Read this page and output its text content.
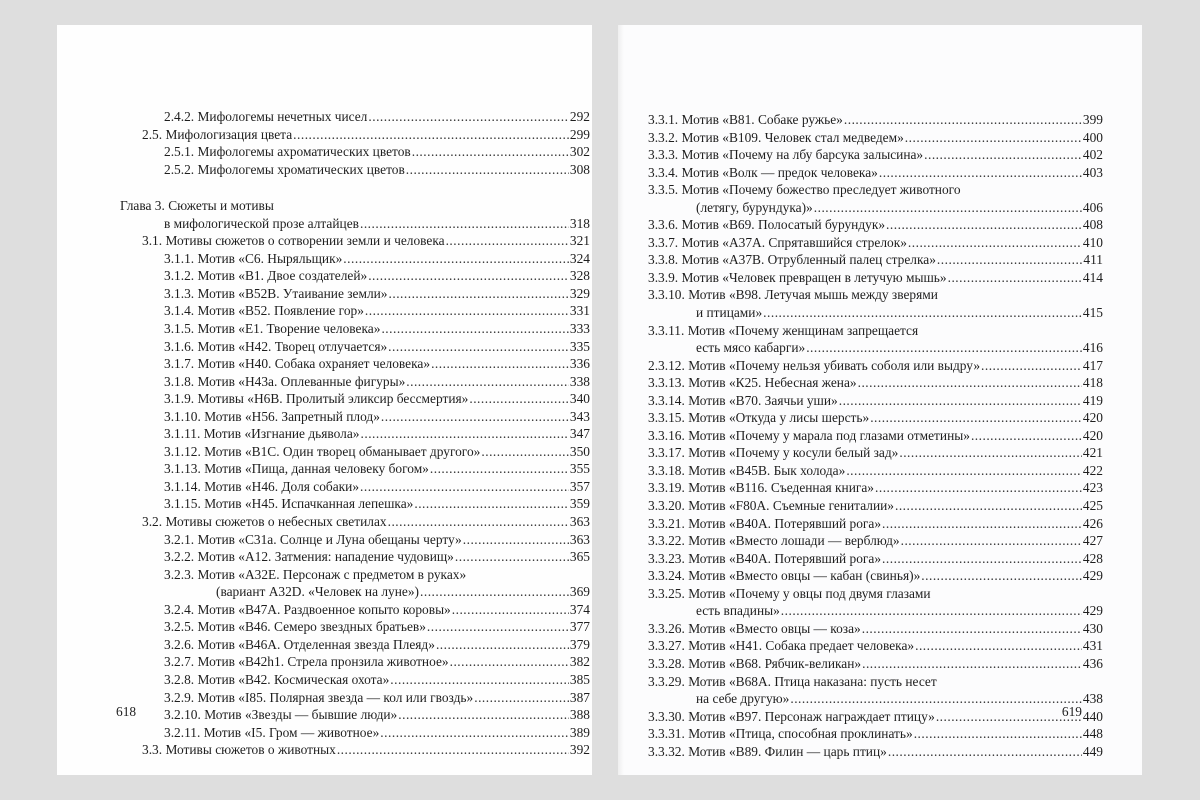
2.4.2.
Мифологемы нечетных чисел .....	292
2.5.
Мифологизация цвета .....	299
2.5.1.
Мифологемы ахроматических цветов .....	302
2.5.2.
Мифологемы хроматических цветов .....	308
Глава 3.
Сюжеты и мотивы
в мифологической прозе алтайцев .....	318
3.1.
Мотивы сюжетов о сотворении земли и человека .....	321
3.1.1.
Мотив «С6. Ныряльщик» .....	324
3.1.2.
Мотив «В1. Двое создателей» .....	328
3.1.3.
Мотив «В52В. Утаивание земли» .....	329
3.1.4.
Мотив «В52. Появление гор» .....	331
3.1.5.
Мотив «Е1. Творение человека» .....	333
3.1.6.
Мотив «Н42. Творец отлучается» .....	335
3.1.7.
Мотив «Н40. Собака охраняет человека» .....	336
3.1.8.
Мотив «Н43а. Оплеванные фигуры» .....	338
3.1.9.
Мотивы «Н6В. Пролитый эликсир бессмертия» .....	340
3.1.10.
Мотив «Н56. Запретный плод» .....	343
3.1.11.
Мотив «Изгнание дьявола» .....	347
3.1.12.
Мотив «В1С. Один творец обманывает другого» .....	350
3.1.13.
Мотив «Пища, данная человеку богом» .....	355
3.1.14.
Мотив «Н46. Доля собаки» .....	357
3.1.15.
Мотив «Н45. Испачканная лепешка» .....	359
3.2.
Мотивы сюжетов о небесных светилах .....	363
3.2.1.
Мотив «С31а. Солнце и Луна обещаны черту» .....	363
3.2.2.
Мотив «А12. Затмения: нападение чудовищ» .....	365
3.2.3.
Мотив «А32Е. Персонаж с предметом в руках»
(вариант A32D. «Человек на луне») .....	369
3.2.4.
Мотив «В47А. Раздвоенное копыто коровы» .....	374
3.2.5.
Мотив «В46. Семеро звездных братьев» .....	377
3.2.6.
Мотив «В46А. Отделенная звезда Плеяд» .....	379
3.2.7.
Мотив «B42h1. Стрела пронзила животное» .....	382
3.2.8.
Мотив «В42. Космическая охота» .....	385
3.2.9.
Мотив «I85. Полярная звезда — кол или гвоздь» .....	387
3.2.10.
Мотив «Звезды — бывшие люди» .....	388
3.2.11.
Мотив «I5. Гром — животное» .....	389
3.3.
Мотивы сюжетов о животных .....	392
618
3.3.1.
Мотив «В81. Собаке ружье» .....	399
3.3.2.
Мотив «В109. Человек стал медведем» .....	400
3.3.3.
Мотив «Почему на лбу барсука залысина» .....	402
3.3.4.
Мотив «Волк — предок человека» .....	403
3.3.5.
Мотив «Почему божество преследует животного
(летягу, бурундука)» .....	406
3.3.6.
Мотив «В69. Полосатый бурундук» .....	408
3.3.7.
Мотив «А37А. Спрятавшийся стрелок» .....	410
3.3.8.
Мотив «А37В. Отрубленный палец стрелка» .....	411
3.3.9.
Мотив «Человек превращен в летучую мышь» .....	414
3.3.10.
Мотив «В98. Летучая мышь между зверями
и птицами» .....	415
3.3.11.
Мотив «Почему женщинам запрещается
есть мясо кабарги» .....	416
2.3.12.
Мотив «Почему нельзя убивать соболя или выдру» .....	417
3.3.13.
Мотив «К25. Небесная жена» .....	418
3.3.14.
Мотив «В70. Заячьи уши» .....	419
3.3.15.
Мотив «Откуда у лисы шерсть» .....	420
3.3.16.
Мотив «Почему у марала под глазами отметины» .....	420
3.3.17.
Мотив «Почему у косули белый зад» .....	421
3.3.18.
Мотив «В45В. Бык холода» .....	422
3.3.19.
Мотив «В116. Съеденная книга» .....	423
3.3.20.
Мотив «F80А. Съемные гениталии» .....	425
3.3.21.
Мотив «В40А. Потерявший рога» .....	426
3.3.22.
Мотив «Вместо лошади — верблюд» .....	427
3.3.23.
Мотив «В40А. Потерявший рога» .....	428
3.3.24.
Мотив «Вместо овцы — кабан (свинья)» .....	429
3.3.25.
Мотив «Почему у овцы под двумя глазами
есть впадины» .....	429
3.3.26.
Мотив «Вместо овцы — коза» .....	430
3.3.27.
Мотив «Н41. Собака предает человека» .....	431
3.3.28.
Мотив «В68. Рябчик-великан» .....	436
3.3.29.
Мотив «В68А. Птица наказана: пусть несет
на себе другую» .....	438
3.3.30.
Мотив «В97. Персонаж награждает птицу» .....	440
3.3.31.
Мотив «Птица, способная проклинать» .....	448
3.3.32.
Мотив «В89. Филин — царь птиц» .....	449
619
